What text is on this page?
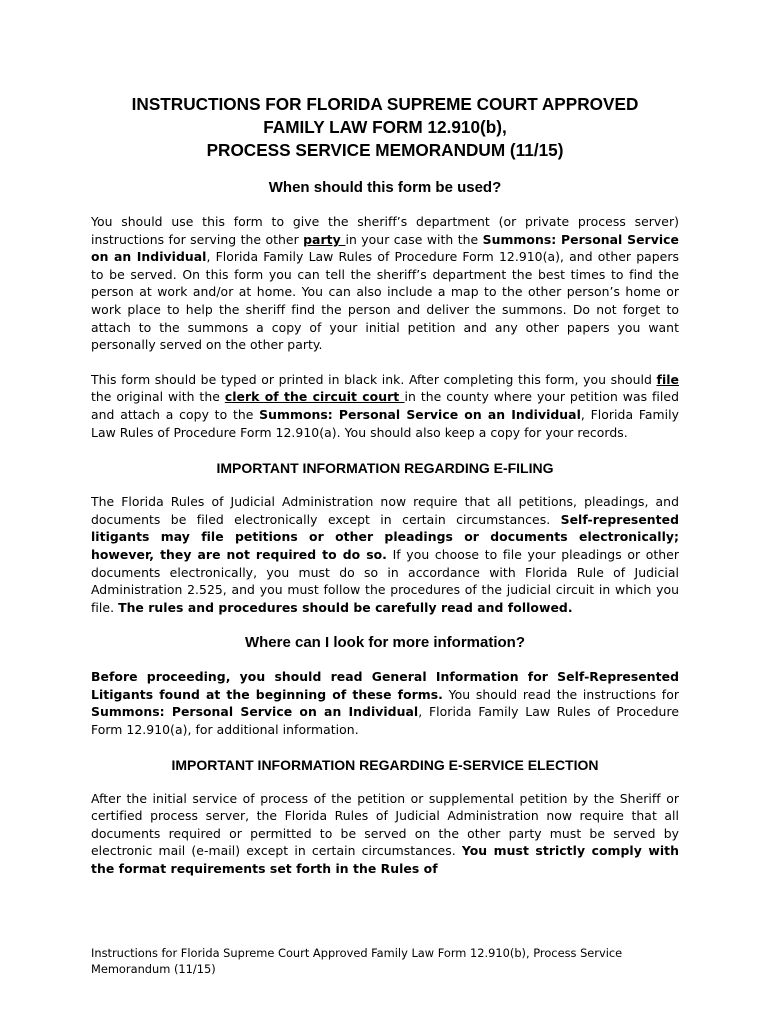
INSTRUCTIONS FOR FLORIDA SUPREME COURT APPROVED
FAMILY LAW FORM 12.910(b),
PROCESS SERVICE MEMORANDUM (11/15)
When should this form be used?

You should use this form to give the sheriff’s department (or private process server) instructions for serving the other party in your case with the Summons: Personal Service on an Individual, Florida Family Law Rules of Procedure Form 12.910(a), and other papers to be served. On this form you can tell the sheriff’s department the best times to find the person at work and/or at home. You can also include a map to the other person’s home or work place to help the sheriff find the person and deliver the summons. Do not forget to attach to the summons a copy of your initial petition and any other papers you want personally served on the other party.

This form should be typed or printed in black ink. After completing this form, you should file the original with the clerk of the circuit court in the county where your petition was filed and attach a copy to the Summons: Personal Service on an Individual, Florida Family Law Rules of Procedure Form 12.910(a). You should also keep a copy for your records.

IMPORTANT INFORMATION REGARDING E-FILING

The Florida Rules of Judicial Administration now require that all petitions, pleadings, and documents be filed electronically except in certain circumstances. Self-represented litigants may file petitions or other pleadings or documents electronically; however, they are not required to do so. If you choose to file your pleadings or other documents electronically, you must do so in accordance with Florida Rule of Judicial Administration 2.525, and you must follow the procedures of the judicial circuit in which you file. The rules and procedures should be carefully read and followed.

Where can I look for more information?

Before proceeding, you should read General Information for Self-Represented Litigants found at the beginning of these forms. You should read the instructions for Summons: Personal Service on an Individual, Florida Family Law Rules of Procedure Form 12.910(a), for additional information.

IMPORTANT INFORMATION REGARDING E-SERVICE ELECTION

After the initial service of process of the petition or supplemental petition by the Sheriff or certified process server, the Florida Rules of Judicial Administration now require that all documents required or permitted to be served on the other party must be served by electronic mail (e-mail) except in certain circumstances. You must strictly comply with the format requirements set forth in the Rules of

Instructions for Florida Supreme Court Approved Family Law Form 12.910(b), Process Service
Memorandum (11/15)
